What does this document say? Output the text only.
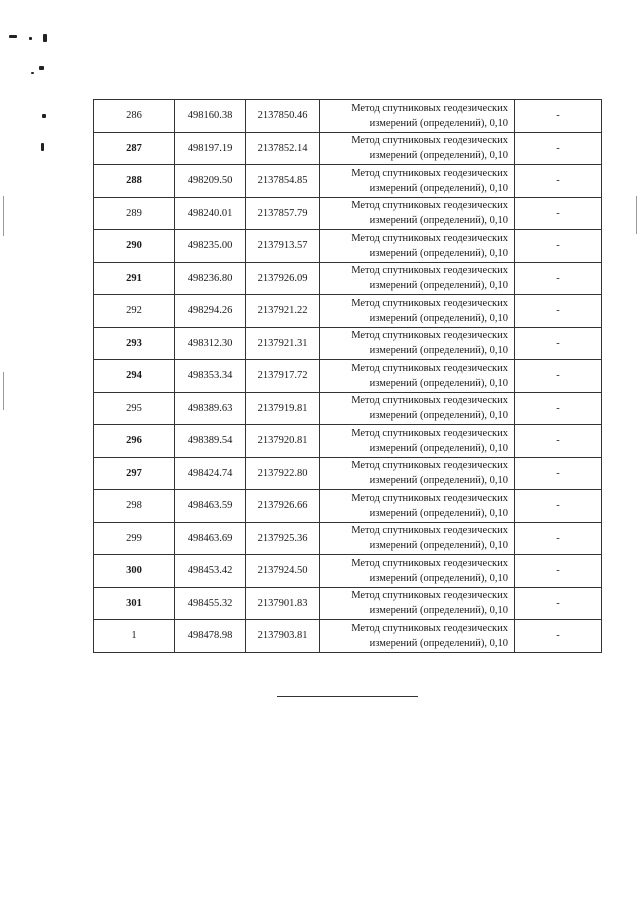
286	498160.38	2137850.46	Метод спутниковых геодезических
измерений (определений), 0,10	-
287	498197.19	2137852.14	Метод спутниковых геодезических
измерений (определений), 0,10	-
288	498209.50	2137854.85	Метод спутниковых геодезических
измерений (определений), 0,10	-
289	498240.01	2137857.79	Метод спутниковых геодезических
измерений (определений), 0,10	-
290	498235.00	2137913.57	Метод спутниковых геодезических
измерений (определений), 0,10	-
291	498236.80	2137926.09	Метод спутниковых геодезических
измерений (определений), 0,10	-
292	498294.26	2137921.22	Метод спутниковых геодезических
измерений (определений), 0,10	-
293	498312.30	2137921.31	Метод спутниковых геодезических
измерений (определений), 0,10	-
294	498353.34	2137917.72	Метод спутниковых геодезических
измерений (определений), 0,10	-
295	498389.63	2137919.81	Метод спутниковых геодезических
измерений (определений), 0,10	-
296	498389.54	2137920.81	Метод спутниковых геодезических
измерений (определений), 0,10	-
297	498424.74	2137922.80	Метод спутниковых геодезических
измерений (определений), 0,10	-
298	498463.59	2137926.66	Метод спутниковых геодезических
измерений (определений), 0,10	-
299	498463.69	2137925.36	Метод спутниковых геодезических
измерений (определений), 0,10	-
300	498453.42	2137924.50	Метод спутниковых геодезических
измерений (определений), 0,10	-
301	498455.32	2137901.83	Метод спутниковых геодезических
измерений (определений), 0,10	-
1	498478.98	2137903.81	Метод спутниковых геодезических
измерений (определений), 0,10	-
